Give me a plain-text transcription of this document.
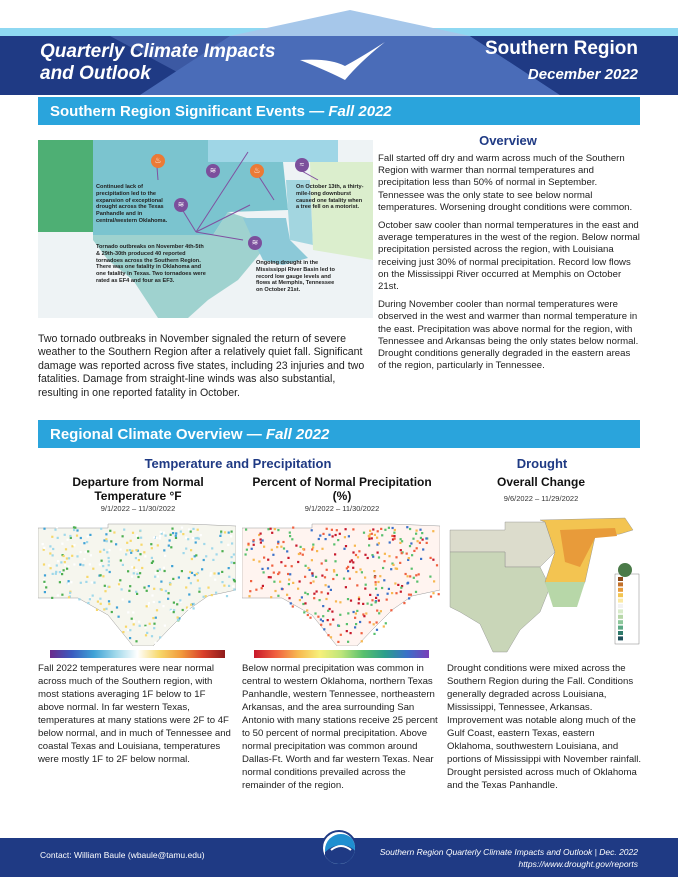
Quarterly Climate Impacts
and Outlook
Southern Region
December 2022
Southern Region Significant Events — Fall 2022
♨
≋
≋	♨
≈
≋
Continued lack of precipitation led to the expansion of exceptional drought across the Texas Panhandle and in central/western Oklahoma.
Tornado outbreaks on November 4th-5th & 29th-30th produced 40 reported tornadoes across the Southern Region. There was one fatality in Oklahoma and one fatality in Texas. Two tornadoes were rated as EF4 and four as EF3.
On October 13th, a thirty-mile-long downburst caused one fatality when a tree fell on a motorist.
Ongoing drought in the Mississippi River Basin led to record low gauge levels and flows at Memphis, Tennessee on October 21st.
Overview

Fall started off dry and warm across much of the Southern Region with warmer than normal temperatures and precipitation less than 50% of normal in September. Tennessee was the only state to see below normal temperatures. Worsening drought conditions were common.

October saw cooler than normal temperatures in the east and average temperatures in the west of the region. Below normal precipitation persisted across the region, with Louisiana receiving just 30% of normal precipitation. Record low flows on the Mississippi River occurred at Memphis on October 21st.

During November cooler than normal temperatures were observed in the west and warmer than normal temperature in the east. Precipitation was above normal for the region, with Tennessee and Arkansas being the only states below normal. Drought conditions generally degraded in the eastern areas of the region, particularly in Tennessee.

Two tornado outbreaks in November signaled the return of severe weather to the Southern Region after a relatively quiet fall. Significant damage was reported across five states, including 23 injuries and two fatalities. Damage from straight-line winds was also substantial, resulting in one reported fatality in October.
Regional Climate Overview — Fall 2022
Temperature and Precipitation	Drought
Departure from Normal Temperature °F
9/1/2022 – 11/30/2022
Percent of Normal Precipitation (%)
9/1/2022 – 11/30/2022
Overall Change
9/6/2022 – 11/29/2022
Fall 2022 temperatures were near normal across much of the Southern region, with most stations averaging 1F below to 1F above normal. In far western Texas, temperatures at many stations were 2F to 4F below normal, and in much of Tennessee and coastal Texas and Louisiana, temperatures were mostly 1F to 2F below normal.
Below normal precipitation was common in central to western Oklahoma, northern Texas Panhandle, western Tennessee, northeastern Arkansas, and the area surrounding San Antonio with many stations receive 25 percent to 50 percent of normal precipitation. Above normal precipitation was common around Dallas-Ft. Worth and far western Texas. Near normal conditions prevailed across the remainder of the region.
Drought conditions were mixed across the Southern Region during the Fall. Conditions generally degraded across Louisiana, Mississippi, Tennessee, Arkansas. Improvement was notable along much of the Gulf Coast, eastern Texas, eastern Oklahoma, southwestern Louisiana, and portions of Mississippi with November rainfall. Drought persisted across much of Oklahoma and the Texas Panhandle.
Contact: William Baule (wbaule@tamu.edu)	Southern Region Quarterly Climate Impacts and Outlook | Dec. 2022
https://www.drought.gov/reports
